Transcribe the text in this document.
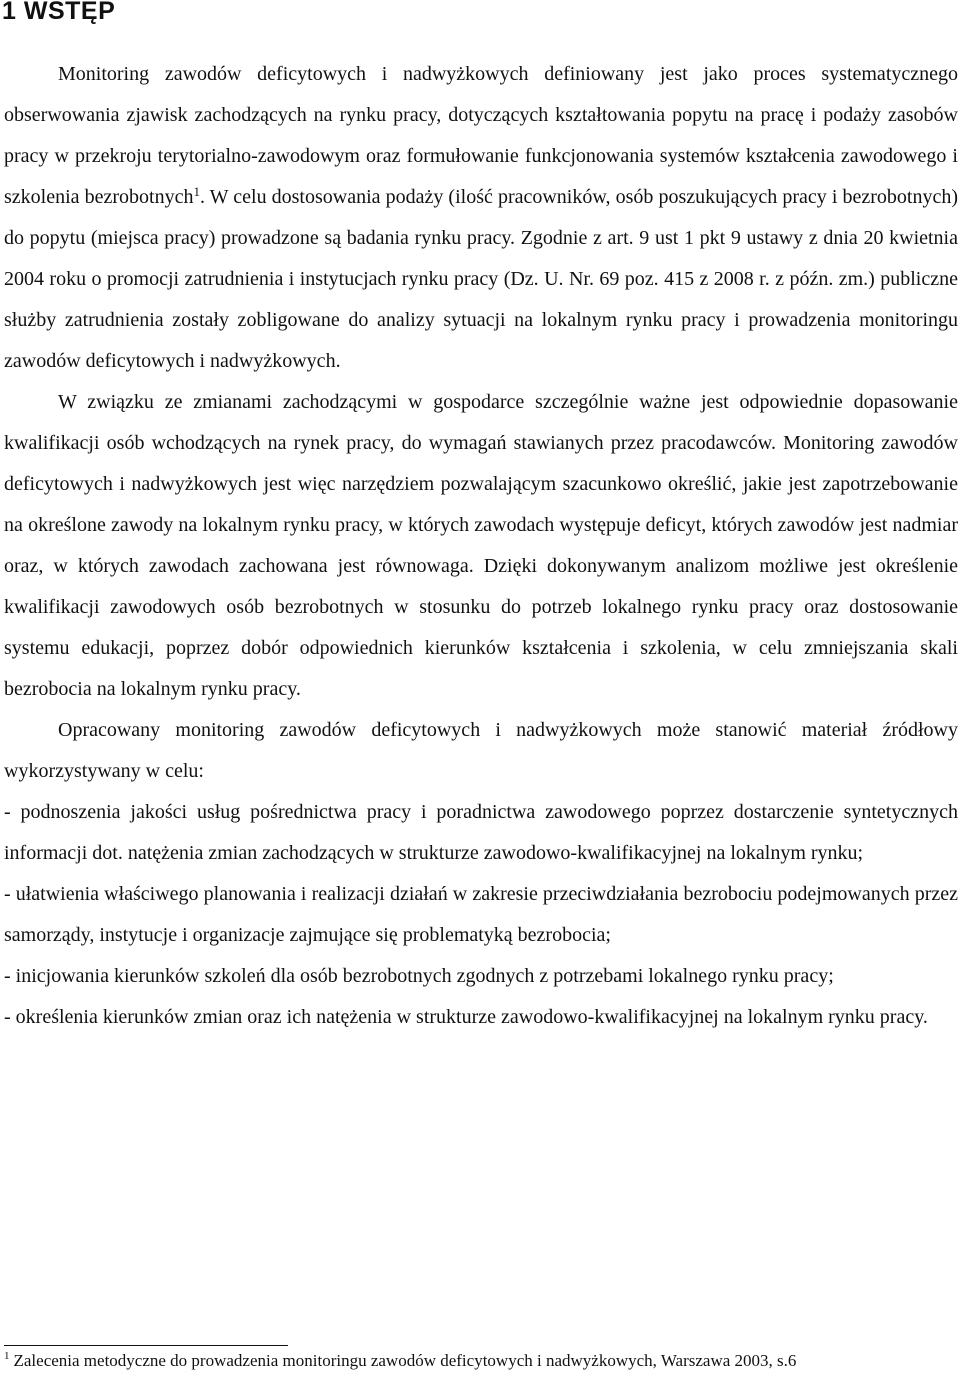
1 WSTĘP

Monitoring zawodów deficytowych i nadwyżkowych definiowany jest jako proces systematycznego obserwowania zjawisk zachodzących na rynku pracy, dotyczących kształtowania popytu na pracę i podaży zasobów pracy w przekroju terytorialno-zawodowym oraz formułowanie funkcjonowania systemów kształcenia zawodowego i szkolenia bezrobotnych$^1$. W celu dostosowania podaży (ilość pracowników, osób poszukujących pracy i bezrobotnych) do popytu (miejsca pracy) prowadzone są badania rynku pracy. Zgodnie z art. 9 ust 1 pkt 9 ustawy z dnia 20 kwietnia 2004 roku o promocji zatrudnienia i instytucjach rynku pracy (Dz. U. Nr. 69 poz. 415 z 2008 r. z późn. zm.) publiczne służby zatrudnienia zostały zobligowane do analizy sytuacji na lokalnym rynku pracy i prowadzenia monitoringu zawodów deficytowych i nadwyżkowych.

W związku ze zmianami zachodzącymi w gospodarce szczególnie ważne jest odpowiednie dopasowanie kwalifikacji osób wchodzących na rynek pracy, do wymagań stawianych przez pracodawców. Monitoring zawodów deficytowych i nadwyżkowych jest więc narzędziem pozwalającym szacunkowo określić, jakie jest zapotrzebowanie na określone zawody na lokalnym rynku pracy, w których zawodach występuje deficyt, których zawodów jest nadmiar oraz, w których zawodach zachowana jest równowaga. Dzięki dokonywanym analizom możliwe jest określenie kwalifikacji zawodowych osób bezrobotnych w stosunku do potrzeb lokalnego rynku pracy oraz dostosowanie systemu edukacji, poprzez dobór odpowiednich kierunków kształcenia i szkolenia, w celu zmniejszania skali bezrobocia na lokalnym rynku pracy.

Opracowany monitoring zawodów deficytowych i nadwyżkowych może stanowić materiał źródłowy wykorzystywany w celu:

- podnoszenia jakości usług pośrednictwa pracy i poradnictwa zawodowego poprzez dostarczenie syntetycznych informacji dot. natężenia zmian zachodzących w strukturze zawodowo-kwalifikacyjnej na lokalnym rynku;

- ułatwienia właściwego planowania i realizacji działań w zakresie przeciwdziałania bezrobociu podejmowanych przez samorządy, instytucje i organizacje zajmujące się problematyką bezrobocia;

- inicjowania kierunków szkoleń dla osób bezrobotnych zgodnych z potrzebami lokalnego rynku pracy;

- określenia kierunków zmian oraz ich natężenia w strukturze zawodowo-kwalifikacyjnej na lokalnym rynku pracy.

$^1$ Zalecenia metodyczne do prowadzenia monitoringu zawodów deficytowych i nadwyżkowych, Warszawa 2003, s.6
